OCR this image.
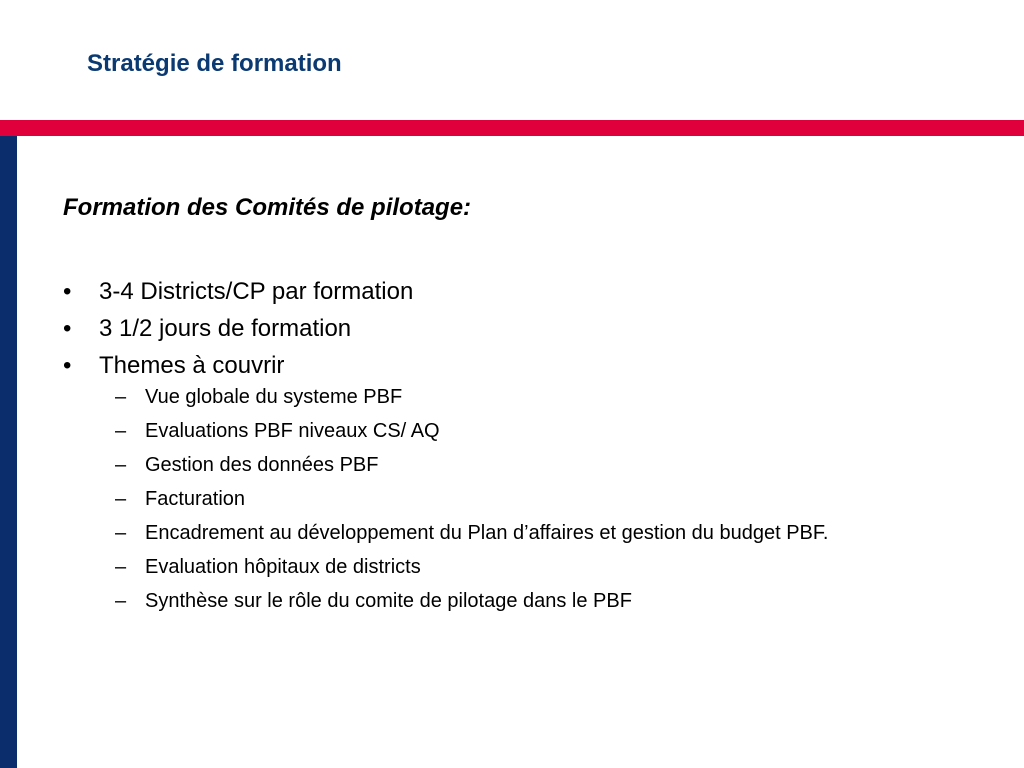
Stratégie de formation
Formation des Comités de pilotage:
• 3-4 Districts/CP par formation
• 3 1/2 jours de formation
• Themes à couvrir
– Vue globale du systeme PBF
– Evaluations PBF niveaux CS/ AQ
– Gestion des données PBF
– Facturation
– Encadrement au développement du Plan d’affaires et gestion du budget PBF.
– Evaluation hôpitaux de districts
– Synthèse sur le rôle du comite de pilotage dans le PBF
